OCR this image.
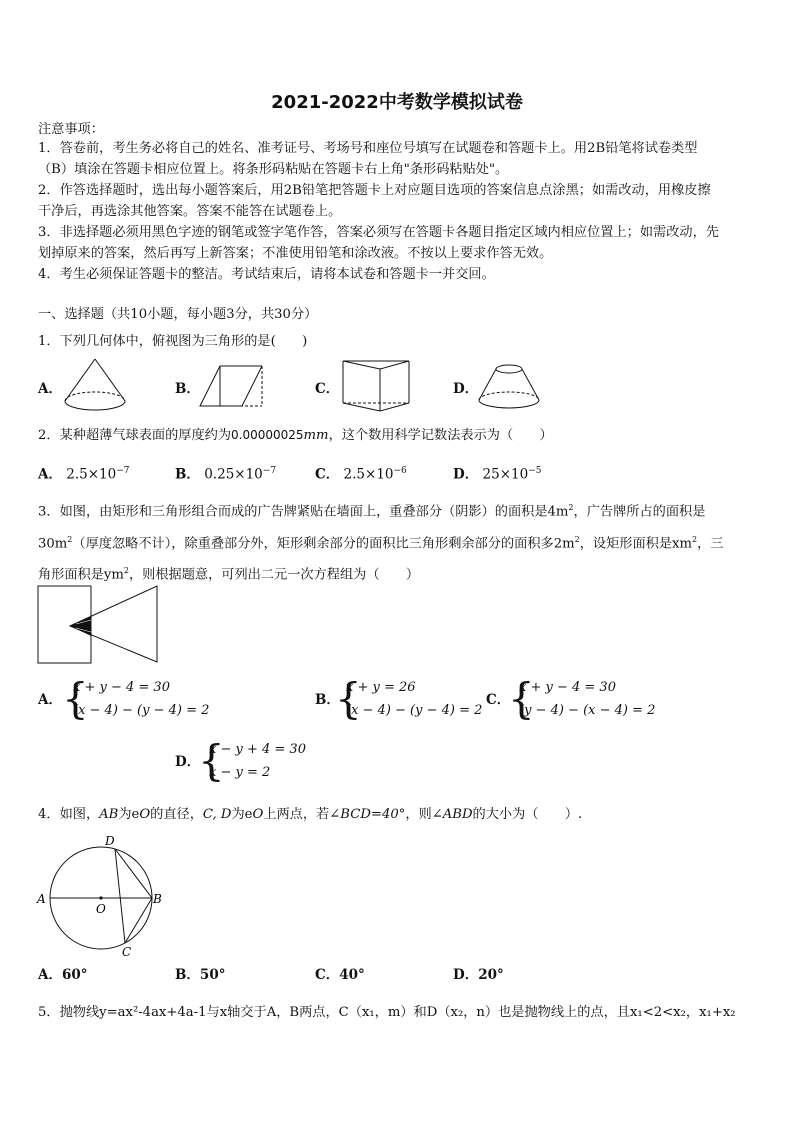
2021-2022中考数学模拟试卷
注意事项：
1．答卷前，考生务必将自己的姓名、准考证号、考场号和座位号填写在试题卷和答题卡上。用2B铅笔将试卷类型
（B）填涂在答题卡相应位置上。将条形码粘贴在答题卡右上角"条形码粘贴处"。
2．作答选择题时，选出每小题答案后，用2B铅笔把答题卡上对应题目选项的答案信息点涂黑；如需改动，用橡皮擦
干净后，再选涂其他答案。答案不能答在试题卷上。
3．非选择题必须用黑色字迹的钢笔或签字笔作答，答案必须写在答题卡各题目指定区域内相应位置上；如需改动，先
划掉原来的答案，然后再写上新答案；不准使用铅笔和涂改液。不按以上要求作答无效。
4．考生必须保证答题卡的整洁。考试结束后，请将本试卷和答题卡一并交回。
一、选择题（共10小题，每小题3分，共30分）
1．下列几何体中，俯视图为三角形的是(　　)
A．	B．	C．	D．
2．某种超薄气球表面的厚度约为0.00000025mm，这个数用科学记数法表示为（　　）
A． $2.5\times 10^{-7}$	B． $0.25\times 10^{-7}$	C． $2.5\times 10^{-6}$	D． $25\times 10^{-5}$
3．如图，由矩形和三角形组合而成的广告牌紧贴在墙面上，重叠部分（阴影）的面积是$4m^2$，广告牌所占的面积是
$30m^2$（厚度忽略不计），除重叠部分外，矩形剩余部分的面积比三角形剩余部分的面积多$2m^2$，设矩形面积是$xm^2$，三
角形面积是$ym^2$，则根据题意，可列出二元一次方程组为（　　）
A． {
x + y − 4 = 30
(x − 4) − (y − 4) = 2
B．
{
x + y = 26
(x − 4) − (y − 4) = 2
C．
{
x + y − 4 = 30
(y − 4) − (x − 4) = 2
D．
{
x − y + 4 = 30
x − y = 2
4．如图，AB为eO的直径，C, D为eO上两点，若∠BCD=40°，则∠ABD的大小为（　　）.
A	B
C
D
O
A．60°	B．50°	C．40°	D．20°
5．抛物线y=ax²-4ax+4a-1与x轴交于A，B两点，C（x₁，m）和D（x₂，n）也是抛物线上的点，且x₁<2<x₂，x₁+x₂
